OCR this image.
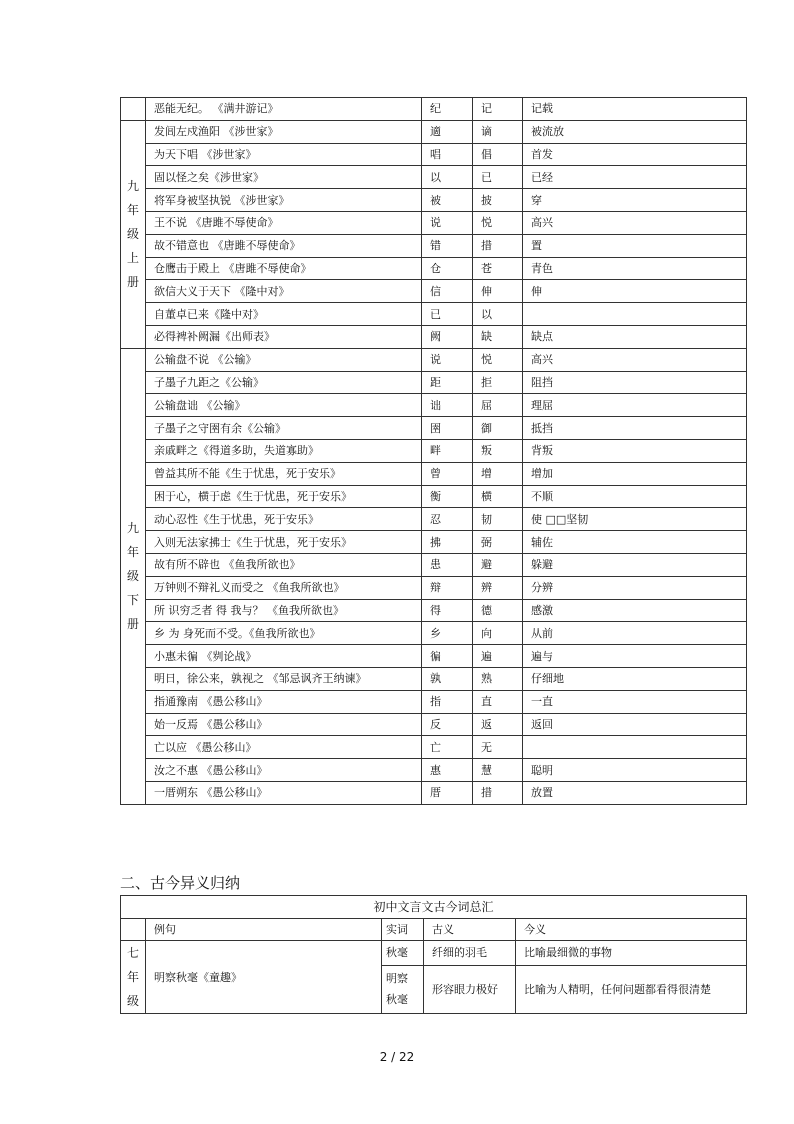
	恶能无纪。 《满井游记》	纪	记	记载

九
年
级
上
册	发闾左戍渔阳 《涉世家》	適	谪	被流放
	为天下唱 《涉世家》	唱	倡	首发
	固以怪之矣《涉世家》	以	已	已经
	将军身被坚执锐 《涉世家》	被	披	穿
	王不说 《唐雎不辱使命》	说	悦	高兴
	故不错意也 《唐雎不辱使命》	错	措	置
	仓鹰击于殿上 《唐雎不辱使命》	仓	苍	青色
	欲信大义于天下 《隆中对》	信	伸	伸
	自董卓已来《隆中对》	已	以	
	必得裨补阙漏《出师表》	阙	缺	缺点

九
年
级
下
册	公输盘不说 《公输》	说	悦	高兴
	子墨子九距之《公输》	距	拒	阻挡
	公输盘诎 《公输》	诎	屈	理屈
	子墨子之守圉有余《公输》	圉	御	抵挡
	亲戚畔之《得道多助，失道寡助》	畔	叛	背叛
	曾益其所不能《生于忧患，死于安乐》	曾	增	增加
	困于心，横于虑《生于忧患，死于安乐》	衡	横	不顺
	动心忍性《生于忧患，死于安乐》	忍	韧	使 □□坚韧
	入则无法家拂士《生于忧患，死于安乐》	拂	弼	辅佐
	故有所不辟也 《鱼我所欲也》	患	避	躲避
	万钟则不辩礼义而受之 《鱼我所欲也》	辩	辨	分辨
	所 识穷乏者 得 我与？ 《鱼我所欲也》	得	德	感激
	乡 为 身死而不受。《鱼我所欲也》	乡	向	从前
	小惠未徧 《刿论战》	徧	遍	遍与
	明日，徐公来，孰视之 《邹忌讽齐王纳谏》	孰	熟	仔细地
	指通豫南 《愚公移山》	指	直	一直
	始一反焉 《愚公移山》	反	返	返回
	亡以应 《愚公移山》	亡	无	
	汝之不惠 《愚公移山》	惠	慧	聪明
	一厝朔东 《愚公移山》	厝	措	放置
二、古今异义归纳
初中文言文古今词总汇				
	例句	实词	古义	今义

七
年
级	明察秋毫《童趣》	秋毫	纤细的羽毛	比喻最细微的事物
		明察
秋毫	形容眼力极好	比喻为人精明，任何问题都看得很清楚
2 / 22
